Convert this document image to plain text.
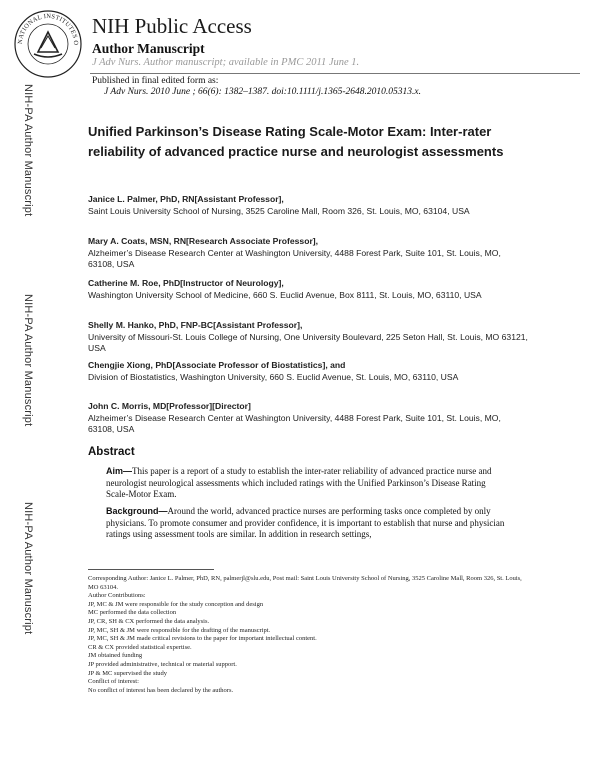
NATIONAL INSTITUTES O
NIH Public Access
Author Manuscript
J Adv Nurs. Author manuscript; available in PMC 2011 June 1.
Published in final edited form as:
J Adv Nurs. 2010 June ; 66(6): 1382–1387. doi:10.1111/j.1365-2648.2010.05313.x.
NIH-PA Author Manuscript
NIH-PA Author Manuscript
NIH-PA Author Manuscript
Unified Parkinson’s Disease Rating Scale-Motor Exam: Inter-rater reliability of advanced practice nurse and neurologist assessments
Janice L. Palmer, PhD, RN[Assistant Professor],
Saint Louis University School of Nursing, 3525 Caroline Mall, Room 326, St. Louis, MO, 63104, USA
Mary A. Coats, MSN, RN[Research Associate Professor],
Alzheimer’s Disease Research Center at Washington University, 4488 Forest Park, Suite 101, St. Louis, MO, 63108, USA
Catherine M. Roe, PhD[Instructor of Neurology],
Washington University School of Medicine, 660 S. Euclid Avenue, Box 8111, St. Louis, MO, 63110, USA
Shelly M. Hanko, PhD, FNP-BC[Assistant Professor],
University of Missouri-St. Louis College of Nursing, One University Boulevard, 225 Seton Hall, St. Louis, MO 63121, USA
Chengjie Xiong, PhD[Associate Professor of Biostatistics], and
Division of Biostatistics, Washington University, 660 S. Euclid Avenue, St. Louis, MO, 63110, USA
John C. Morris, MD[Professor][Director]
Alzheimer’s Disease Research Center at Washington University, 4488 Forest Park, Suite 101, St. Louis, MO, 63108, USA
Abstract
Aim—This paper is a report of a study to establish the inter-rater reliability of advanced practice nurse and neurologist neurological assessments which included ratings with the Unified Parkinson’s Disease Rating Scale-Motor Exam.
Background—Around the world, advanced practice nurses are performing tasks once completed by only physicians. To promote consumer and provider confidence, it is important to establish that nurse and physician ratings using assessment tools are similar. In addition in research settings,
Corresponding Author: Janice L. Palmer, PhD, RN, palmerjl@slu.edu, Post mail: Saint Louis University School of Nursing, 3525 Caroline Mall, Room 326, St. Louis, MO 63104.
Author Contributions:
JP, MC & JM were responsible for the study conception and design
MC performed the data collection
JP, CR, SH & CX performed the data analysis.
JP, MC, SH & JM were responsible for the drafting of the manuscript.
JP, MC, SH & JM made critical revisions to the paper for important intellectual content.
CR & CX provided statistical expertise.
JM obtained funding
JP provided administrative, technical or material support.
JP & MC supervised the study
Conflict of interest:
No conflict of interest has been declared by the authors.
